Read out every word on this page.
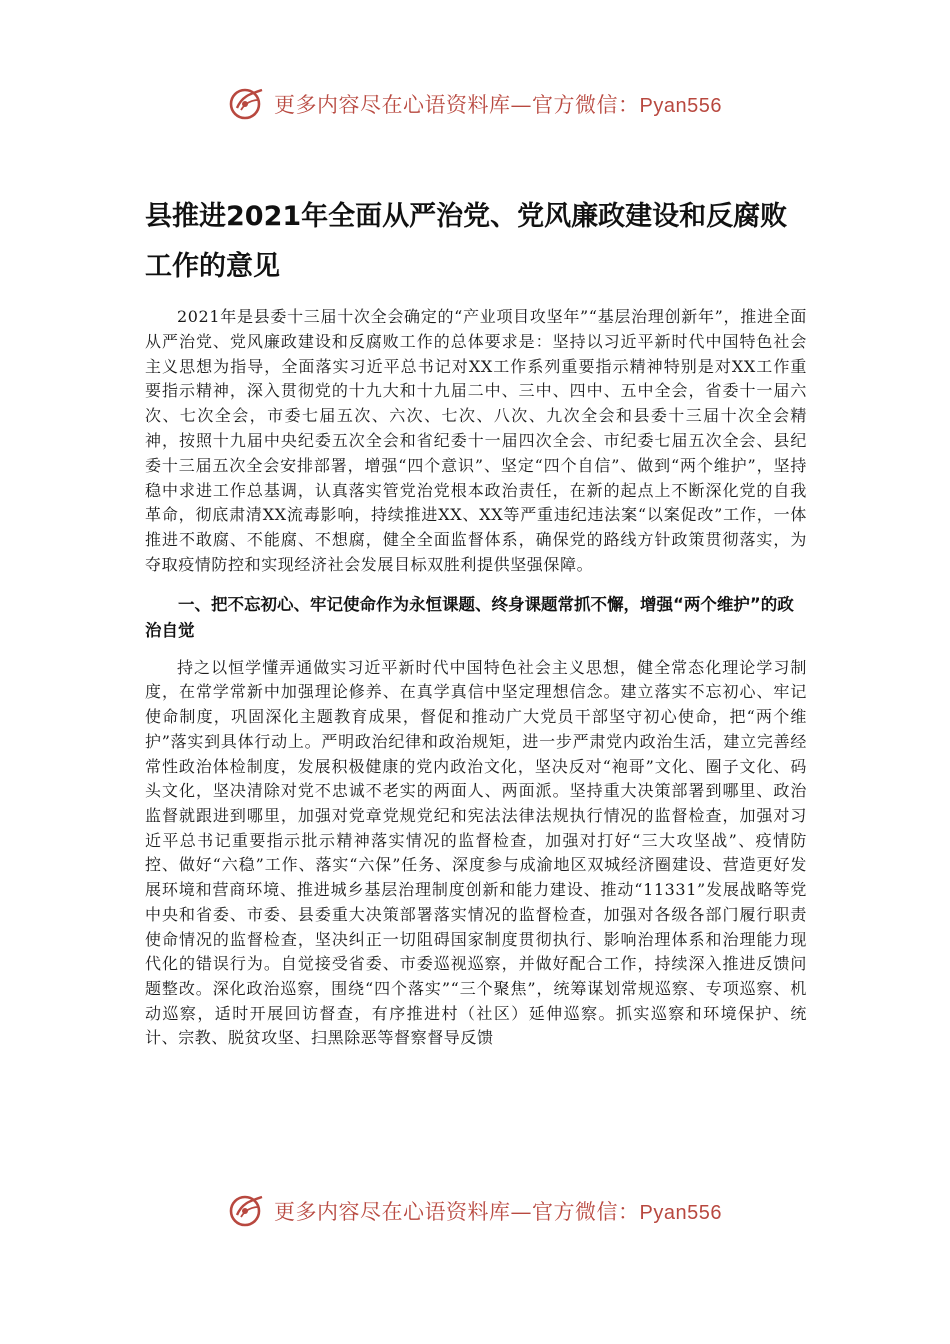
更多内容尽在心语资料库—官方微信：Pyan556
县推进2021年全面从严治党、党风廉政建设和反腐败工作的意见

2021年是县委十三届十次全会确定的“产业项目攻坚年”“基层治理创新年”，推进全面从严治党、党风廉政建设和反腐败工作的总体要求是：坚持以习近平新时代中国特色社会主义思想为指导，全面落实习近平总书记对XX工作系列重要指示精神特别是对XX工作重要指示精神，深入贯彻党的十九大和十九届二中、三中、四中、五中全会，省委十一届六次、七次全会，市委七届五次、六次、七次、八次、九次全会和县委十三届十次全会精神，按照十九届中央纪委五次全会和省纪委十一届四次全会、市纪委七届五次全会、县纪委十三届五次全会安排部署，增强“四个意识”、坚定“四个自信”、做到“两个维护”，坚持稳中求进工作总基调，认真落实管党治党根本政治责任，在新的起点上不断深化党的自我革命，彻底肃清XX流毒影响，持续推进XX、XX等严重违纪违法案“以案促改”工作，一体推进不敢腐、不能腐、不想腐，健全全面监督体系，确保党的路线方针政策贯彻落实，为夺取疫情防控和实现经济社会发展目标双胜利提供坚强保障。

一、把不忘初心、牢记使命作为永恒课题、终身课题常抓不懈，增强“两个维护”的政治自觉

持之以恒学懂弄通做实习近平新时代中国特色社会主义思想，健全常态化理论学习制度，在常学常新中加强理论修养、在真学真信中坚定理想信念。建立落实不忘初心、牢记使命制度，巩固深化主题教育成果，督促和推动广大党员干部坚守初心使命，把“两个维护”落实到具体行动上。严明政治纪律和政治规矩，进一步严肃党内政治生活，建立完善经常性政治体检制度，发展积极健康的党内政治文化，坚决反对“袍哥”文化、圈子文化、码头文化，坚决清除对党不忠诚不老实的两面人、两面派。坚持重大决策部署到哪里、政治监督就跟进到哪里，加强对党章党规党纪和宪法法律法规执行情况的监督检查，加强对习近平总书记重要指示批示精神落实情况的监督检查，加强对打好“三大攻坚战”、疫情防控、做好“六稳”工作、落实“六保”任务、深度参与成渝地区双城经济圈建设、营造更好发展环境和营商环境、推进城乡基层治理制度创新和能力建设、推动“11331”发展战略等党中央和省委、市委、县委重大决策部署落实情况的监督检查，加强对各级各部门履行职责使命情况的监督检查，坚决纠正一切阻碍国家制度贯彻执行、影响治理体系和治理能力现代化的错误行为。自觉接受省委、市委巡视巡察，并做好配合工作，持续深入推进反馈问题整改。深化政治巡察，围绕“四个落实”“三个聚焦”，统筹谋划常规巡察、专项巡察、机动巡察，适时开展回访督查，有序推进村（社区）延伸巡察。抓实巡察和环境保护、统计、宗教、脱贫攻坚、扫黑除恶等督察督导反馈

更多内容尽在心语资料库—官方微信：Pyan556
